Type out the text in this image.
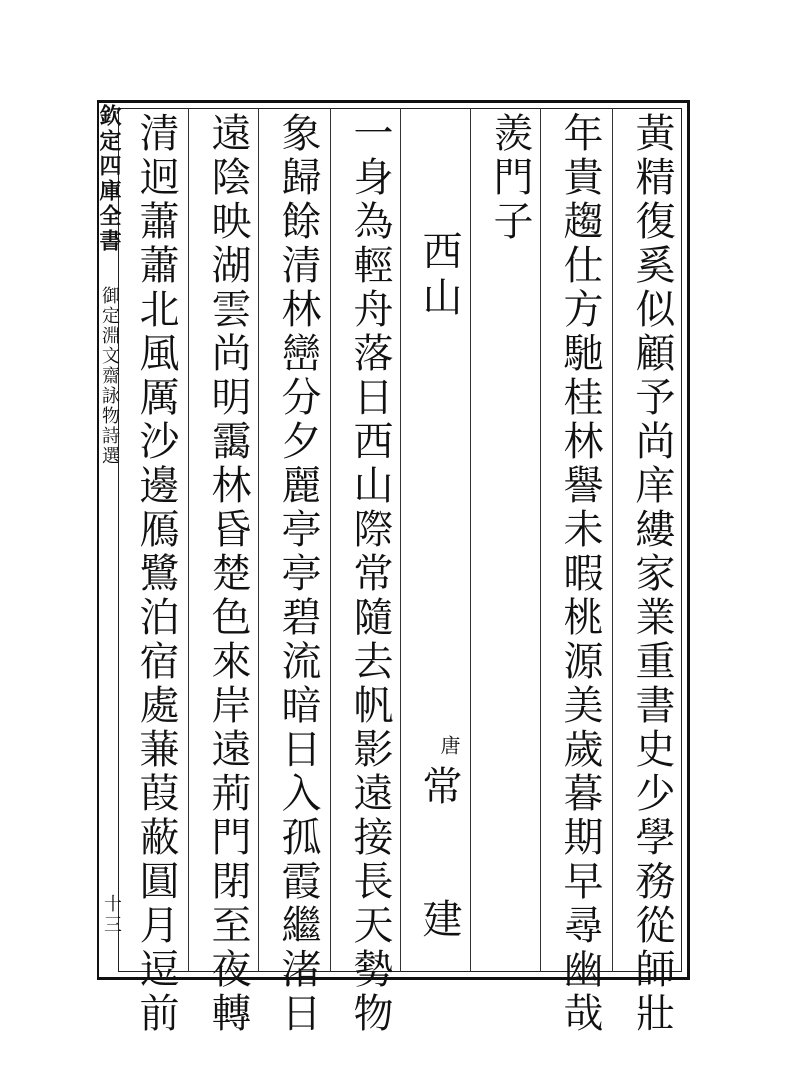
欽定四庫全書 御定淵文齋詠物詩選
十三	黃精復奚似顧予尚庠縷家業重書史少學務從師壯
年貴趨仕方馳桂林譽未暇桃源美歲暮期早尋幽哉
羨門子
西山
唐
常 建
一身為輕舟落日西山際常隨去帆影遠接長天勢物
象歸餘清林巒分夕麗亭亭碧流暗日入孤霞繼渚日
遠陰映湖雲尚明靄林昏楚色來岸遠荊門閉至夜轉
清迥蕭蕭北風厲沙邊鴈鷺泊宿處蒹葭蔽圓月逗前
